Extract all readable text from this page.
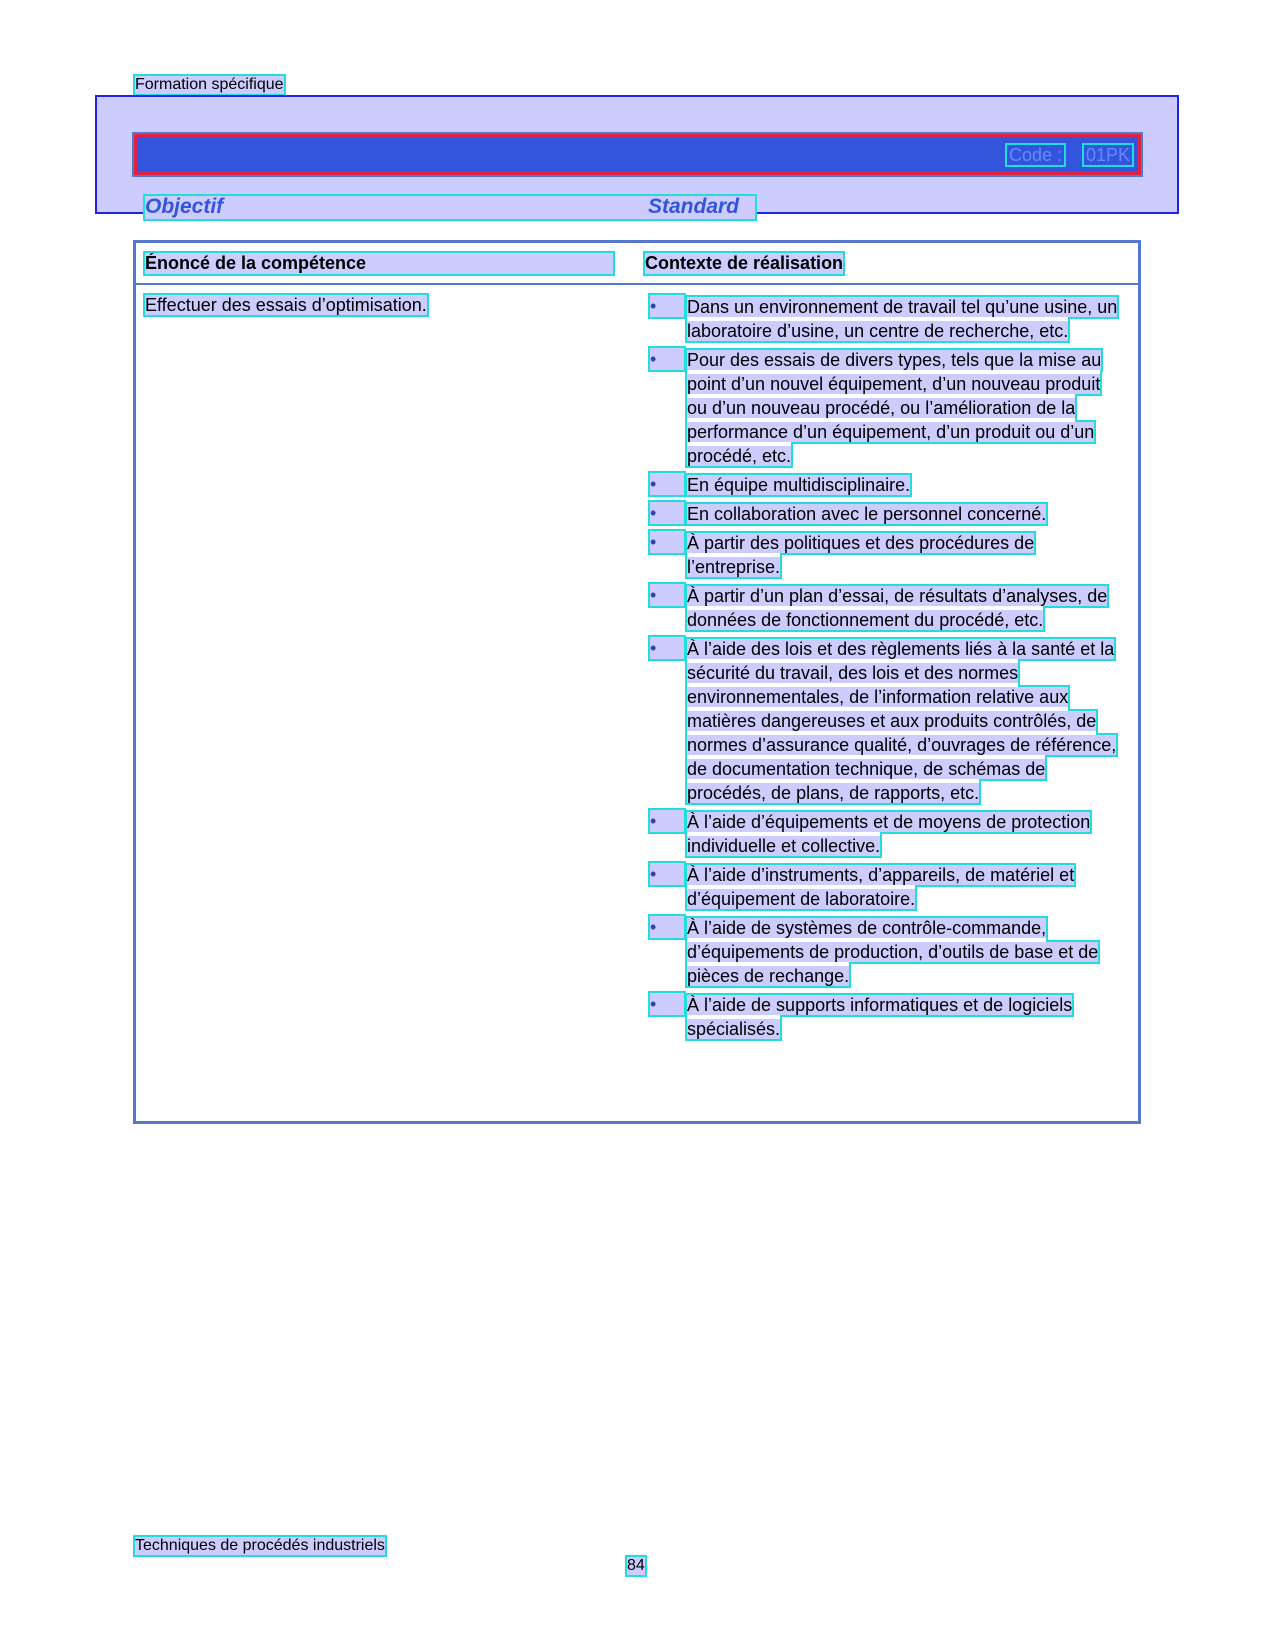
Formation spécifique
Code : 01PK
Objectif	Standard
Énoncé de la compétence	Contexte de réalisation
Effectuer des essais d’optimisation.	•	Dans un environnement de travail tel qu’une usine, un laboratoire d’usine, un centre de recherche, etc.
•	Pour des essais de divers types, tels que la mise au point d’un nouvel équipement, d’un nouveau produit ou d’un nouveau procédé, ou l’amélioration de la performance d’un équipement, d’un produit ou d’un procédé, etc.
•	En équipe multidisciplinaire.
•	En collaboration avec le personnel concerné.
•	À partir des politiques et des procédures de l’entreprise.
•	À partir d’un plan d’essai, de résultats d’analyses, de données de fonctionnement du procédé, etc.
•	À l’aide des lois et des règlements liés à la santé et la sécurité du travail, des lois et des normes environnementales, de l’information relative aux matières dangereuses et aux produits contrôlés, de normes d’assurance qualité, d’ouvrages de référence, de documentation technique, de schémas de procédés, de plans, de rapports, etc.
•	À l’aide d’équipements et de moyens de protection individuelle et collective.
•	À l’aide d’instruments, d’appareils, de matériel et d’équipement de laboratoire.
•	À l’aide de systèmes de contrôle-commande, d’équipements de production, d’outils de base et de pièces de rechange.
•	À l’aide de supports informatiques et de logiciels spécialisés.
Techniques de procédés industriels
84
